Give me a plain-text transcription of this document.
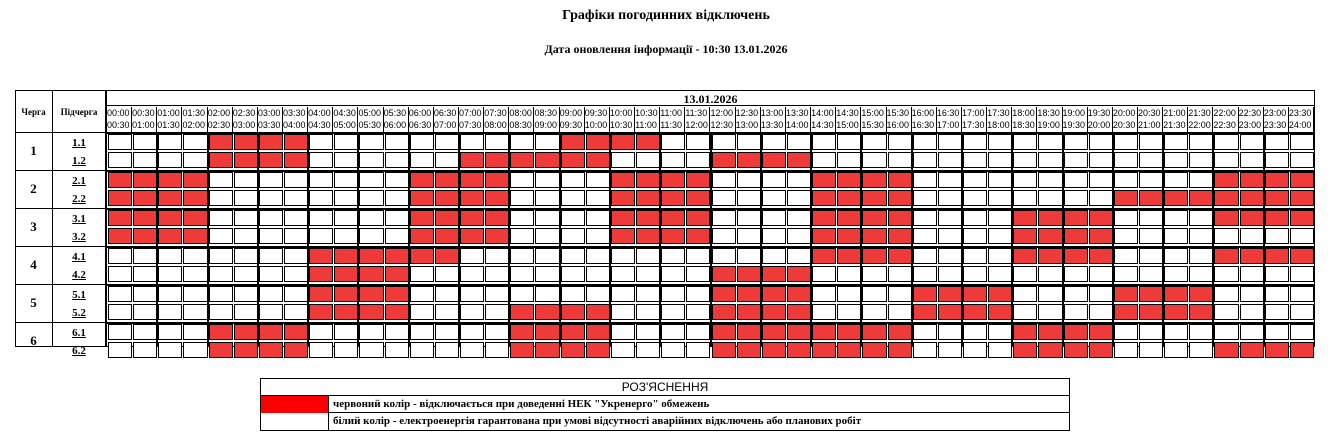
Графіки погодинних відключень
Дата оновлення інформації - 10:30 13.01.2026
Черга	Підчерга
1.1
1.2
1
2.1
2.2
2
3.1
3.2
3
4.1
4.2
4
5.1
5.2
5
6.1
6.2
6
13.01.2026
00:00
00:30
00:30
01:00
01:00
01:30
01:30
02:00
02:00
02:30
02:30
03:00
03:00
03:30
03:30
04:00
04:00
04:30
04:30
05:00
05:00
05:30
05:30
06:00
06:00
06:30
06:30
07:00
07:00
07:30
07:30
08:00
08:00
08:30
08:30
09:00
09:00
09:30
09:30
10:00
10:00
10:30
10:30
11:00
11:00
11:30
11:30
12:00
12:00
12:30
12:30
13:00
13:00
13:30
13:30
14:00
14:00
14:30
14:30
15:00
15:00
15:30
15:30
16:00
16:00
16:30
16:30
17:00
17:00
17:30
17:30
18:00
18:00
18:30
18:30
19:00
19:00
19:30
19:30
20:00
20:00
20:30
20:30
21:00
21:00
21:30
21:30
22:00
22:00
22:30
22:30
23:00
23:00
23:30
23:30
24:00
РОЗ'ЯСНЕННЯ
червоний колір - відключається при доведенні НЕК "Укренерго" обмежень
білий колір - електроенергія гарантована при умові відсутності аварійних відключень або планових робіт
